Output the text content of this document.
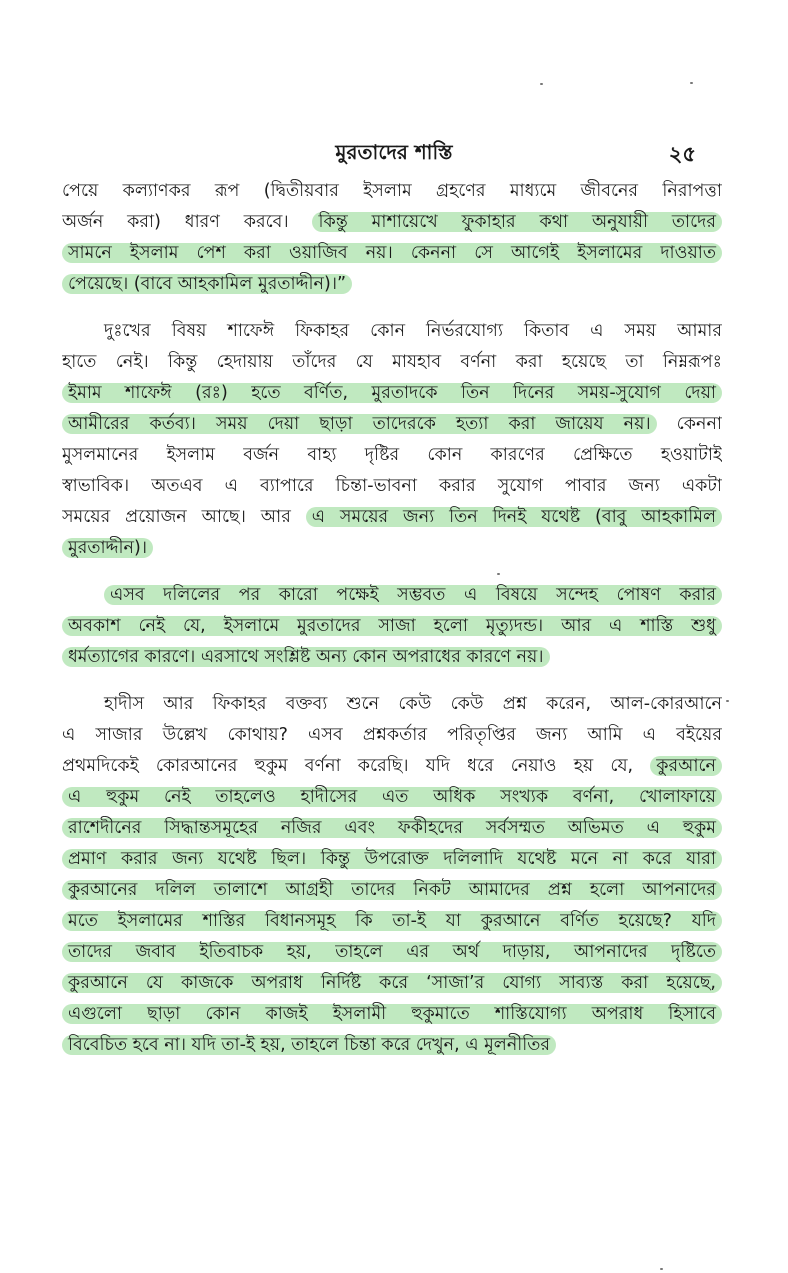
মুরতাদের শাস্তি	২৫
পেয়ে কল্যাণকর রূপ (দ্বিতীয়বার ইসলাম গ্রহণের মাধ্যমে জীবনের নিরাপত্তা
অর্জন করা) ধারণ করবে। কিন্তু মাশায়েখে ফুকাহার কথা অনুযায়ী তাদের
সামনে ইসলাম পেশ করা ওয়াজিব নয়। কেননা সে আগেই ইসলামের দাওয়াত
পেয়েছে। (বাবে আহকামিল মুরতাদ্দীন)।”
দুঃখের বিষয় শাফেঈ ফিকাহর কোন নির্ভরযোগ্য কিতাব এ সময় আমার
হাতে নেই। কিন্তু হেদায়ায় তাঁদের যে মাযহাব বর্ণনা করা হয়েছে তা নিম্নরূপঃ
ইমাম শাফেঈ (রঃ) হতে বর্ণিত, মুরতাদকে তিন দিনের সময়-সুযোগ দেয়া
আমীরের কর্তব্য। সময় দেয়া ছাড়া তাদেরকে হত্যা করা জায়েয নয়। কেননা
মুসলমানের ইসলাম বর্জন বাহ্য দৃষ্টির কোন কারণের প্রেক্ষিতে হওয়াটাই
স্বাভাবিক। অতএব এ ব্যাপারে চিন্তা-ভাবনা করার সুযোগ পাবার জন্য একটা
সময়ের প্রয়োজন আছে। আর এ সময়ের জন্য তিন দিনই যথেষ্ট (বাবু আহকামিল
মুরতাদ্দীন)।
এসব দলিলের পর কারো পক্ষেই সম্ভবত এ বিষয়ে সন্দেহ পোষণ করার
অবকাশ নেই যে, ইসলামে মুরতাদের সাজা হলো মৃত্যুদন্ড। আর এ শাস্তি শুধু
ধর্মত্যাগের কারণে। এরসাথে সংশ্লিষ্ট অন্য কোন অপরাধের কারণে নয়।
হাদীস আর ফিকাহর বক্তব্য শুনে কেউ কেউ প্রশ্ন করেন, আল-কোরআনে
এ সাজার উল্লেখ কোথায়? এসব প্রশ্নকর্তার পরিতৃপ্তির জন্য আমি এ বইয়ের
প্রথমদিকেই কোরআনের হুকুম বর্ণনা করেছি। যদি ধরে নেয়াও হয় যে, কুরআনে
এ হুকুম নেই তাহলেও হাদীসের এত অধিক সংখ্যক বর্ণনা, খোলাফায়ে
রাশেদীনের সিদ্ধান্তসমূহের নজির এবং ফকীহদের সর্বসম্মত অভিমত এ হুকুম
প্রমাণ করার জন্য যথেষ্ট ছিল। কিন্তু উপরোক্ত দলিলাদি যথেষ্ট মনে না করে যারা
কুরআনের দলিল তালাশে আগ্রহী তাদের নিকট আমাদের প্রশ্ন হলো আপনাদের
মতে ইসলামের শাস্তির বিধানসমূহ কি তা-ই যা কুরআনে বর্ণিত হয়েছে? যদি
তাদের জবাব ইতিবাচক হয়, তাহলে এর অর্থ দাড়ায়, আপনাদের দৃষ্টিতে
কুরআনে যে কাজকে অপরাধ নির্দিষ্ট করে ‘সাজা’র যোগ্য সাব্যস্ত করা হয়েছে,
এগুলো ছাড়া কোন কাজই ইসলামী হুকুমাতে শাস্তিযোগ্য অপরাধ হিসাবে
বিবেচিত হবে না। যদি তা-ই হয়, তাহলে চিন্তা করে দেখুন, এ মূলনীতির
